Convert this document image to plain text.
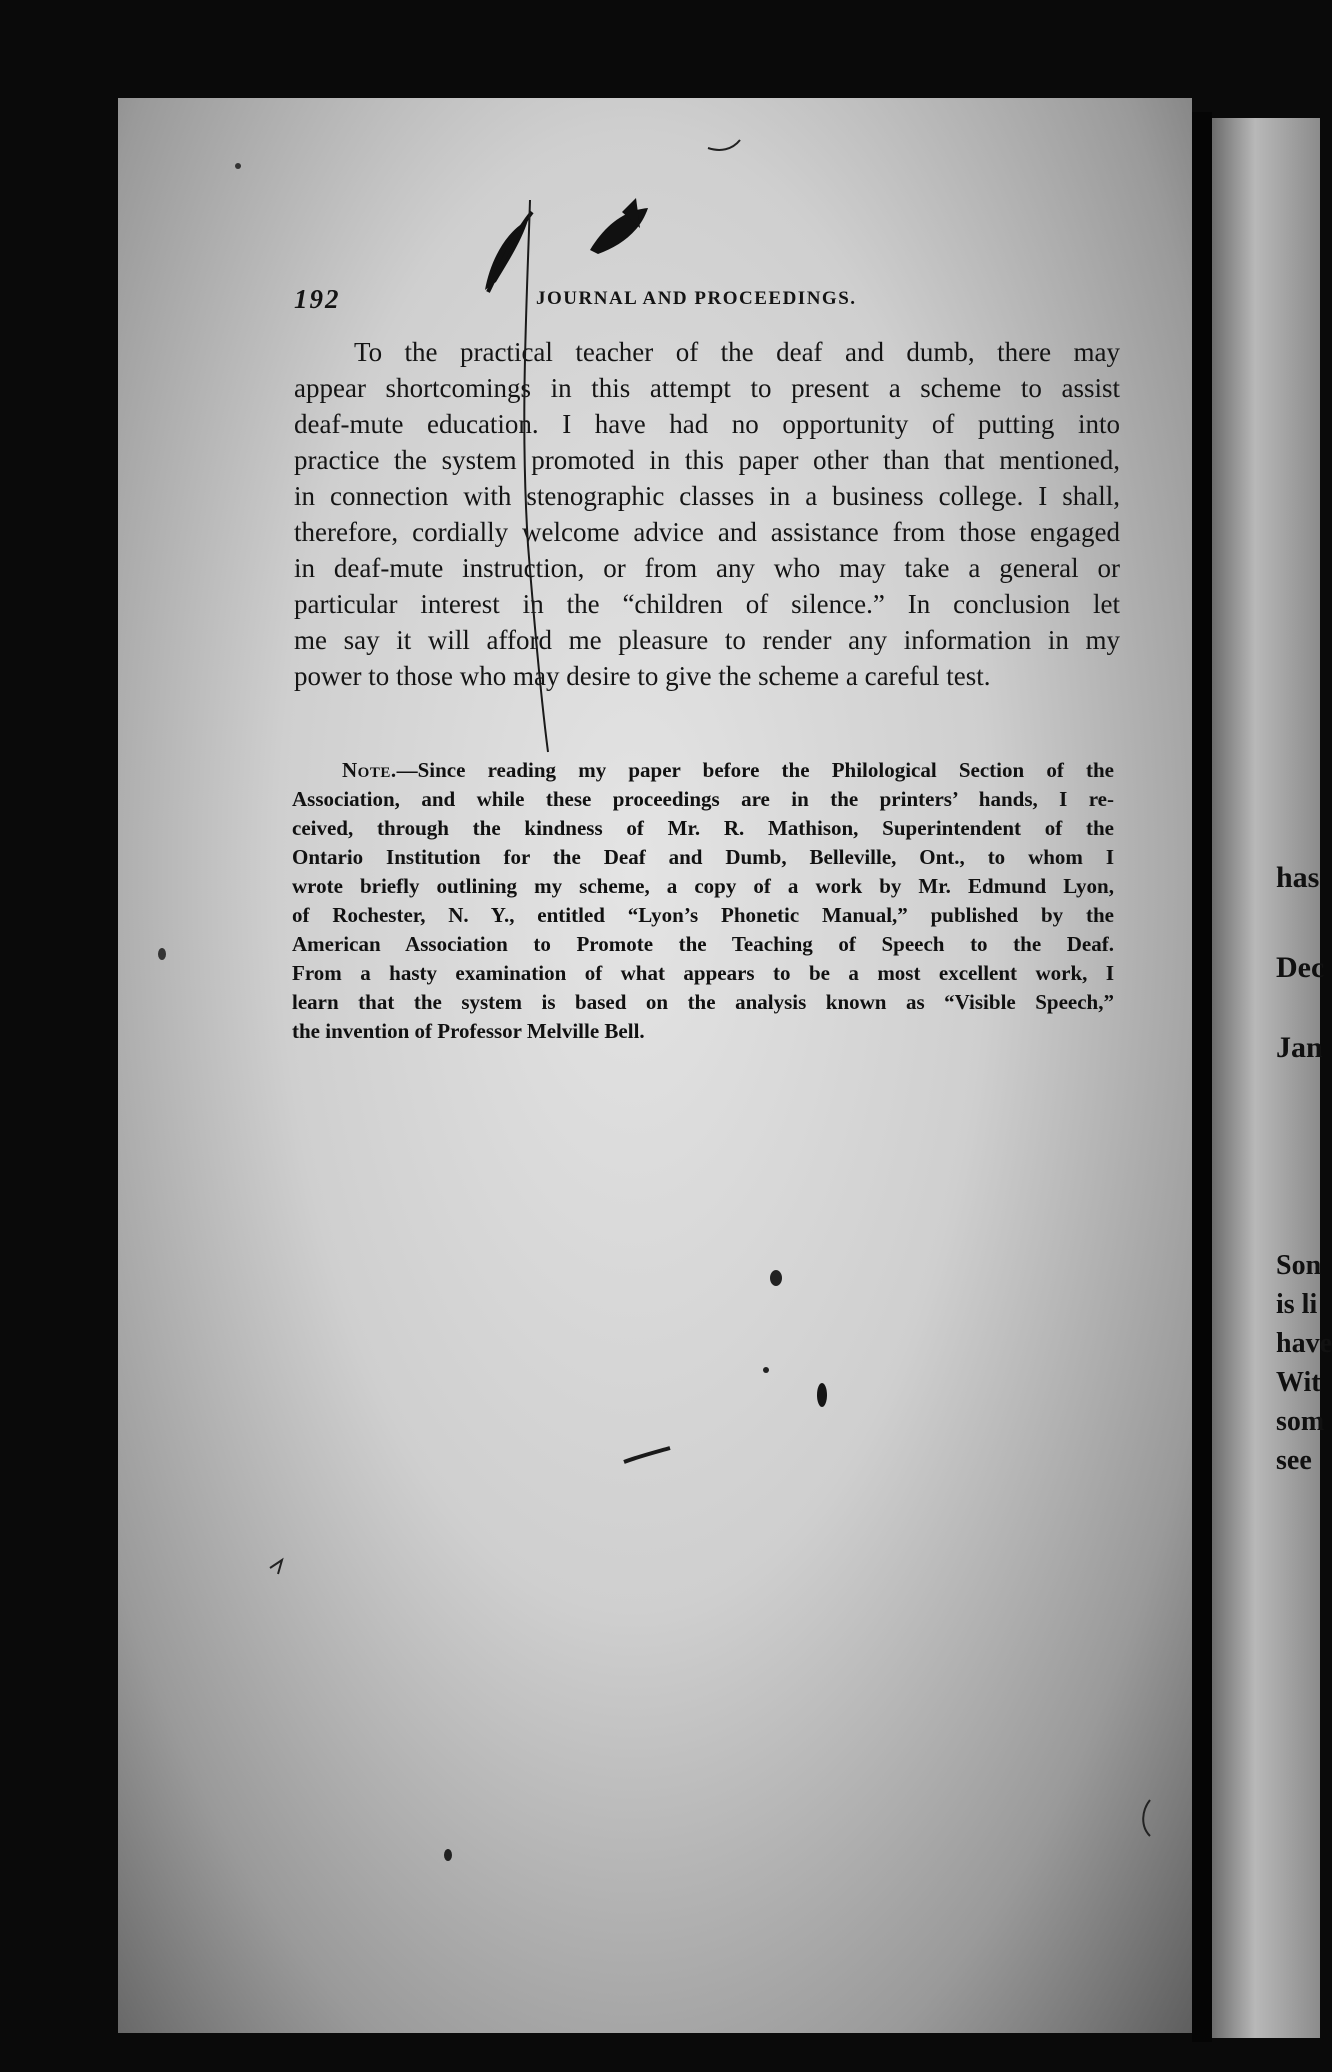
has
Dec
Jan
Son
is li
have
Wit
som
see
192	JOURNAL AND PROCEEDINGS.
To the practical teacher of the deaf and dumb, there may
appear shortcomings in this attempt to present a scheme to assist
deaf-mute education. I have had no opportunity of putting into
practice the system promoted in this paper other than that mentioned,
in connection with stenographic classes in a business college. I shall,
therefore, cordially welcome advice and assistance from those engaged
in deaf-mute instruction, or from any who may take a general or
particular interest in the “children of silence.” In conclusion let
me say it will afford me pleasure to render any information in my
power to those who may desire to give the scheme a careful test.
Note.—Since reading my paper before the Philological Section of the
Association, and while these proceedings are in the printers’ hands, I re-
ceived, through the kindness of Mr. R. Mathison, Superintendent of the
Ontario Institution for the Deaf and Dumb, Belleville, Ont., to whom I
wrote briefly outlining my scheme, a copy of a work by Mr. Edmund Lyon,
of Rochester, N. Y., entitled “Lyon’s Phonetic Manual,” published by the
American Association to Promote the Teaching of Speech to the Deaf.
From a hasty examination of what appears to be a most excellent work, I
learn that the system is based on the analysis known as “Visible Speech,”
the invention of Professor Melville Bell.
